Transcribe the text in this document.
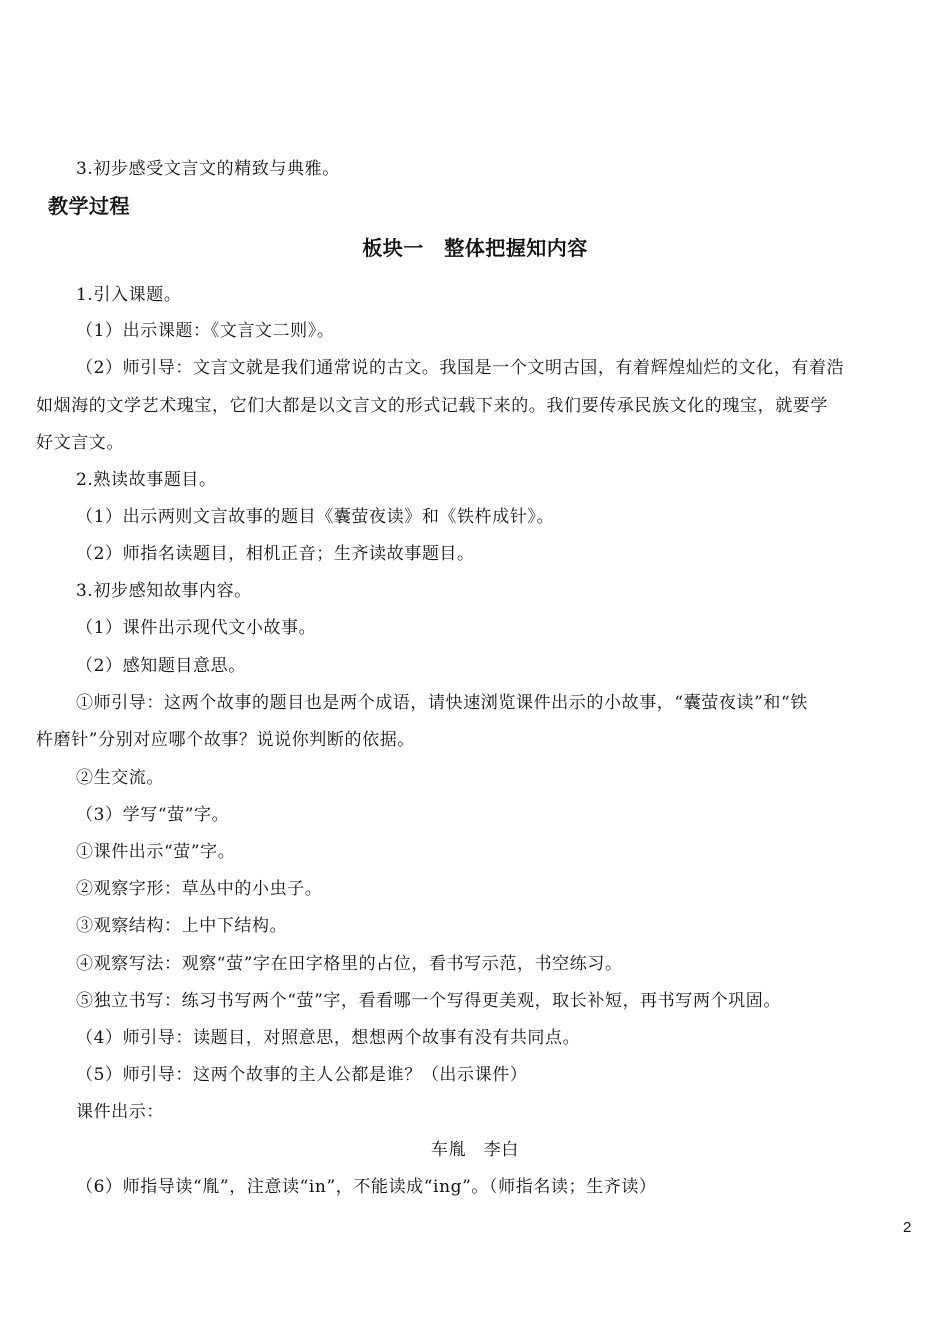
3.初步感受文言文的精致与典雅。
教学过程
板块一　整体把握知内容
1.引入课题。
（1）出示课题：《文言文二则》。
（2）师引导：文言文就是我们通常说的古文。我国是一个文明古国，有着辉煌灿烂的文化，有着浩
如烟海的文学艺术瑰宝，它们大都是以文言文的形式记载下来的。我们要传承民族文化的瑰宝，就要学
好文言文。
2.熟读故事题目。
（1）出示两则文言故事的题目《囊萤夜读》和《铁杵成针》。
（2）师指名读题目，相机正音；生齐读故事题目。
3.初步感知故事内容。
（1）课件出示现代文小故事。
（2）感知题目意思。
①师引导：这两个故事的题目也是两个成语，请快速浏览课件出示的小故事，“囊萤夜读”和“铁
杵磨针”分别对应哪个故事？说说你判断的依据。
②生交流。
（3）学写“萤”字。
①课件出示“萤”字。
②观察字形：草丛中的小虫子。
③观察结构：上中下结构。
④观察写法：观察“萤”字在田字格里的占位，看书写示范，书空练习。
⑤独立书写：练习书写两个“萤”字，看看哪一个写得更美观，取长补短，再书写两个巩固。
（4）师引导：读题目，对照意思，想想两个故事有没有共同点。
（5）师引导：这两个故事的主人公都是谁？（出示课件）
课件出示：
车胤　李白
（6）师指导读“胤”，注意读“in”，不能读成“ing”。（师指名读；生齐读）
2
